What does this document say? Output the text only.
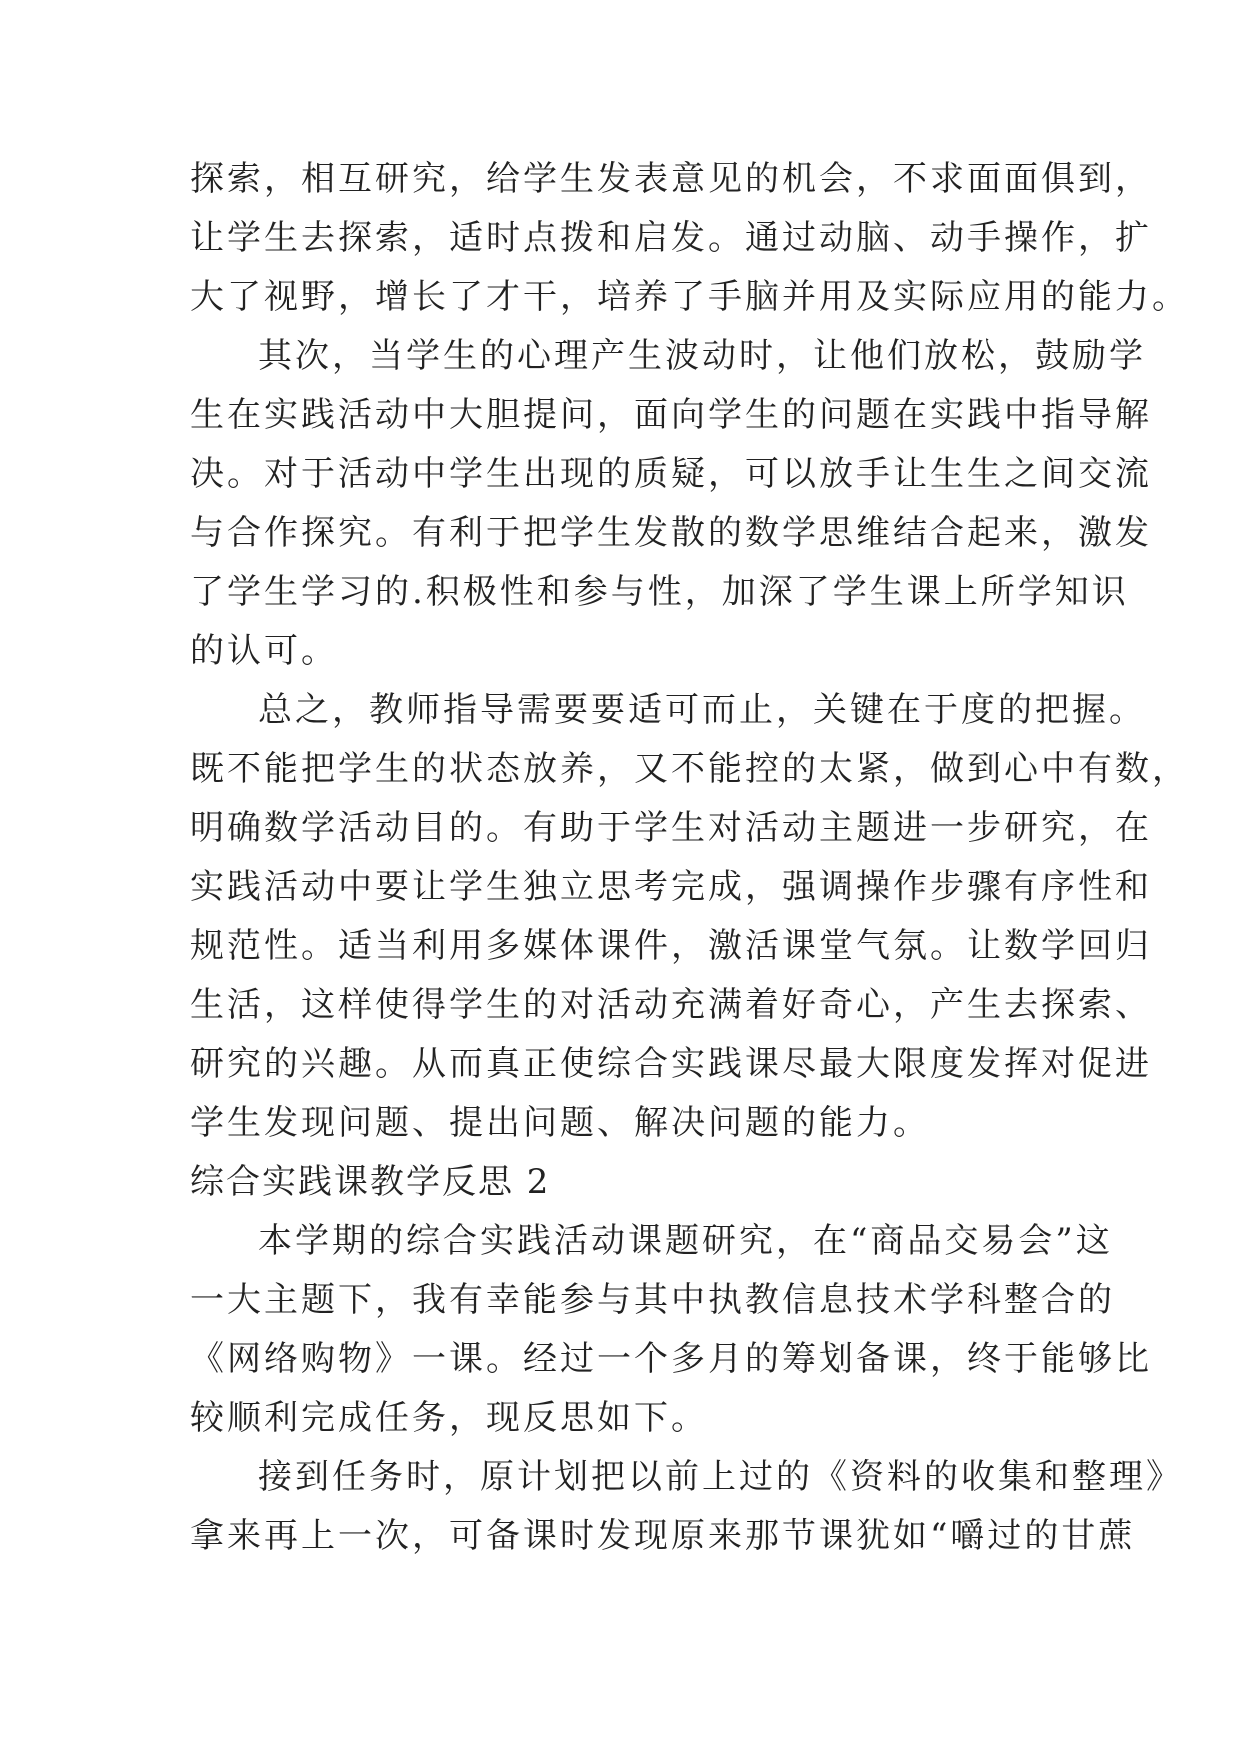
探索，相互研究，给学生发表意见的机会，不求面面俱到，
让学生去探索，适时点拨和启发。通过动脑、动手操作，扩
大了视野，增长了才干，培养了手脑并用及实际应用的能力。
其次，当学生的心理产生波动时，让他们放松，鼓励学
生在实践活动中大胆提问，面向学生的问题在实践中指导解
决。对于活动中学生出现的质疑，可以放手让生生之间交流
与合作探究。有利于把学生发散的数学思维结合起来，激发
了学生学习的.积极性和参与性，加深了学生课上所学知识
的认可。
总之，教师指导需要要适可而止，关键在于度的把握。
既不能把学生的状态放养，又不能控的太紧，做到心中有数，
明确数学活动目的。有助于学生对活动主题进一步研究，在
实践活动中要让学生独立思考完成，强调操作步骤有序性和
规范性。适当利用多媒体课件，激活课堂气氛。让数学回归
生活，这样使得学生的对活动充满着好奇心，产生去探索、
研究的兴趣。从而真正使综合实践课尽最大限度发挥对促进
学生发现问题、提出问题、解决问题的能力。
综合实践课教学反思 2
本学期的综合实践活动课题研究，在“商品交易会”这
一大主题下，我有幸能参与其中执教信息技术学科整合的
《网络购物》一课。经过一个多月的筹划备课，终于能够比
较顺利完成任务，现反思如下。
接到任务时，原计划把以前上过的《资料的收集和整理》
拿来再上一次，可备课时发现原来那节课犹如“嚼过的甘蔗
